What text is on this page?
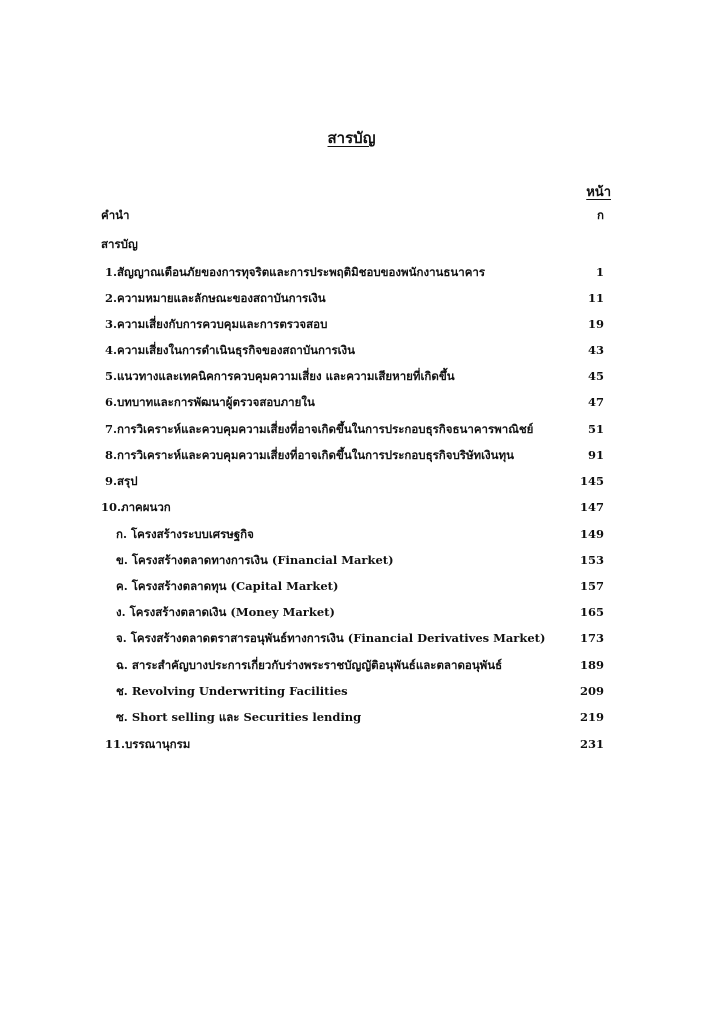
สารบัญ
หน้า
คำนำ	ก
สารบัญ
1.สัญญาณเตือนภัยของการทุจริตและการประพฤติมิชอบของพนักงานธนาคาร	1
2.ความหมายและลักษณะของสถาบันการเงิน	11
3.ความเสี่ยงกับการควบคุมและการตรวจสอบ	19
4.ความเสี่ยงในการดำเนินธุรกิจของสถาบันการเงิน	43
5.แนวทางและเทคนิคการควบคุมความเสี่ยง และความเสียหายที่เกิดขึ้น	45
6.บทบาทและการพัฒนาผู้ตรวจสอบภายใน	47
7.การวิเคราะห์และควบคุมความเสี่ยงที่อาจเกิดขึ้นในการประกอบธุรกิจธนาคารพาณิชย์	51
8.การวิเคราะห์และควบคุมความเสี่ยงที่อาจเกิดขึ้นในการประกอบธุรกิจบริษัทเงินทุน	91
9.สรุป	145
10.ภาคผนวก	147
ก. โครงสร้างระบบเศรษฐกิจ	149
ข. โครงสร้างตลาดทางการเงิน (Financial Market)	153
ค. โครงสร้างตลาดทุน (Capital Market)	157
ง. โครงสร้างตลาดเงิน (Money Market)	165
จ. โครงสร้างตลาดตราสารอนุพันธ์ทางการเงิน (Financial Derivatives Market)	173
ฉ. สาระสำคัญบางประการเกี่ยวกับร่างพระราชบัญญัติอนุพันธ์และตลาดอนุพันธ์	189
ช. Revolving Underwriting Facilities	209
ซ. Short selling และ Securities lending	219
11.บรรณานุกรม	231
